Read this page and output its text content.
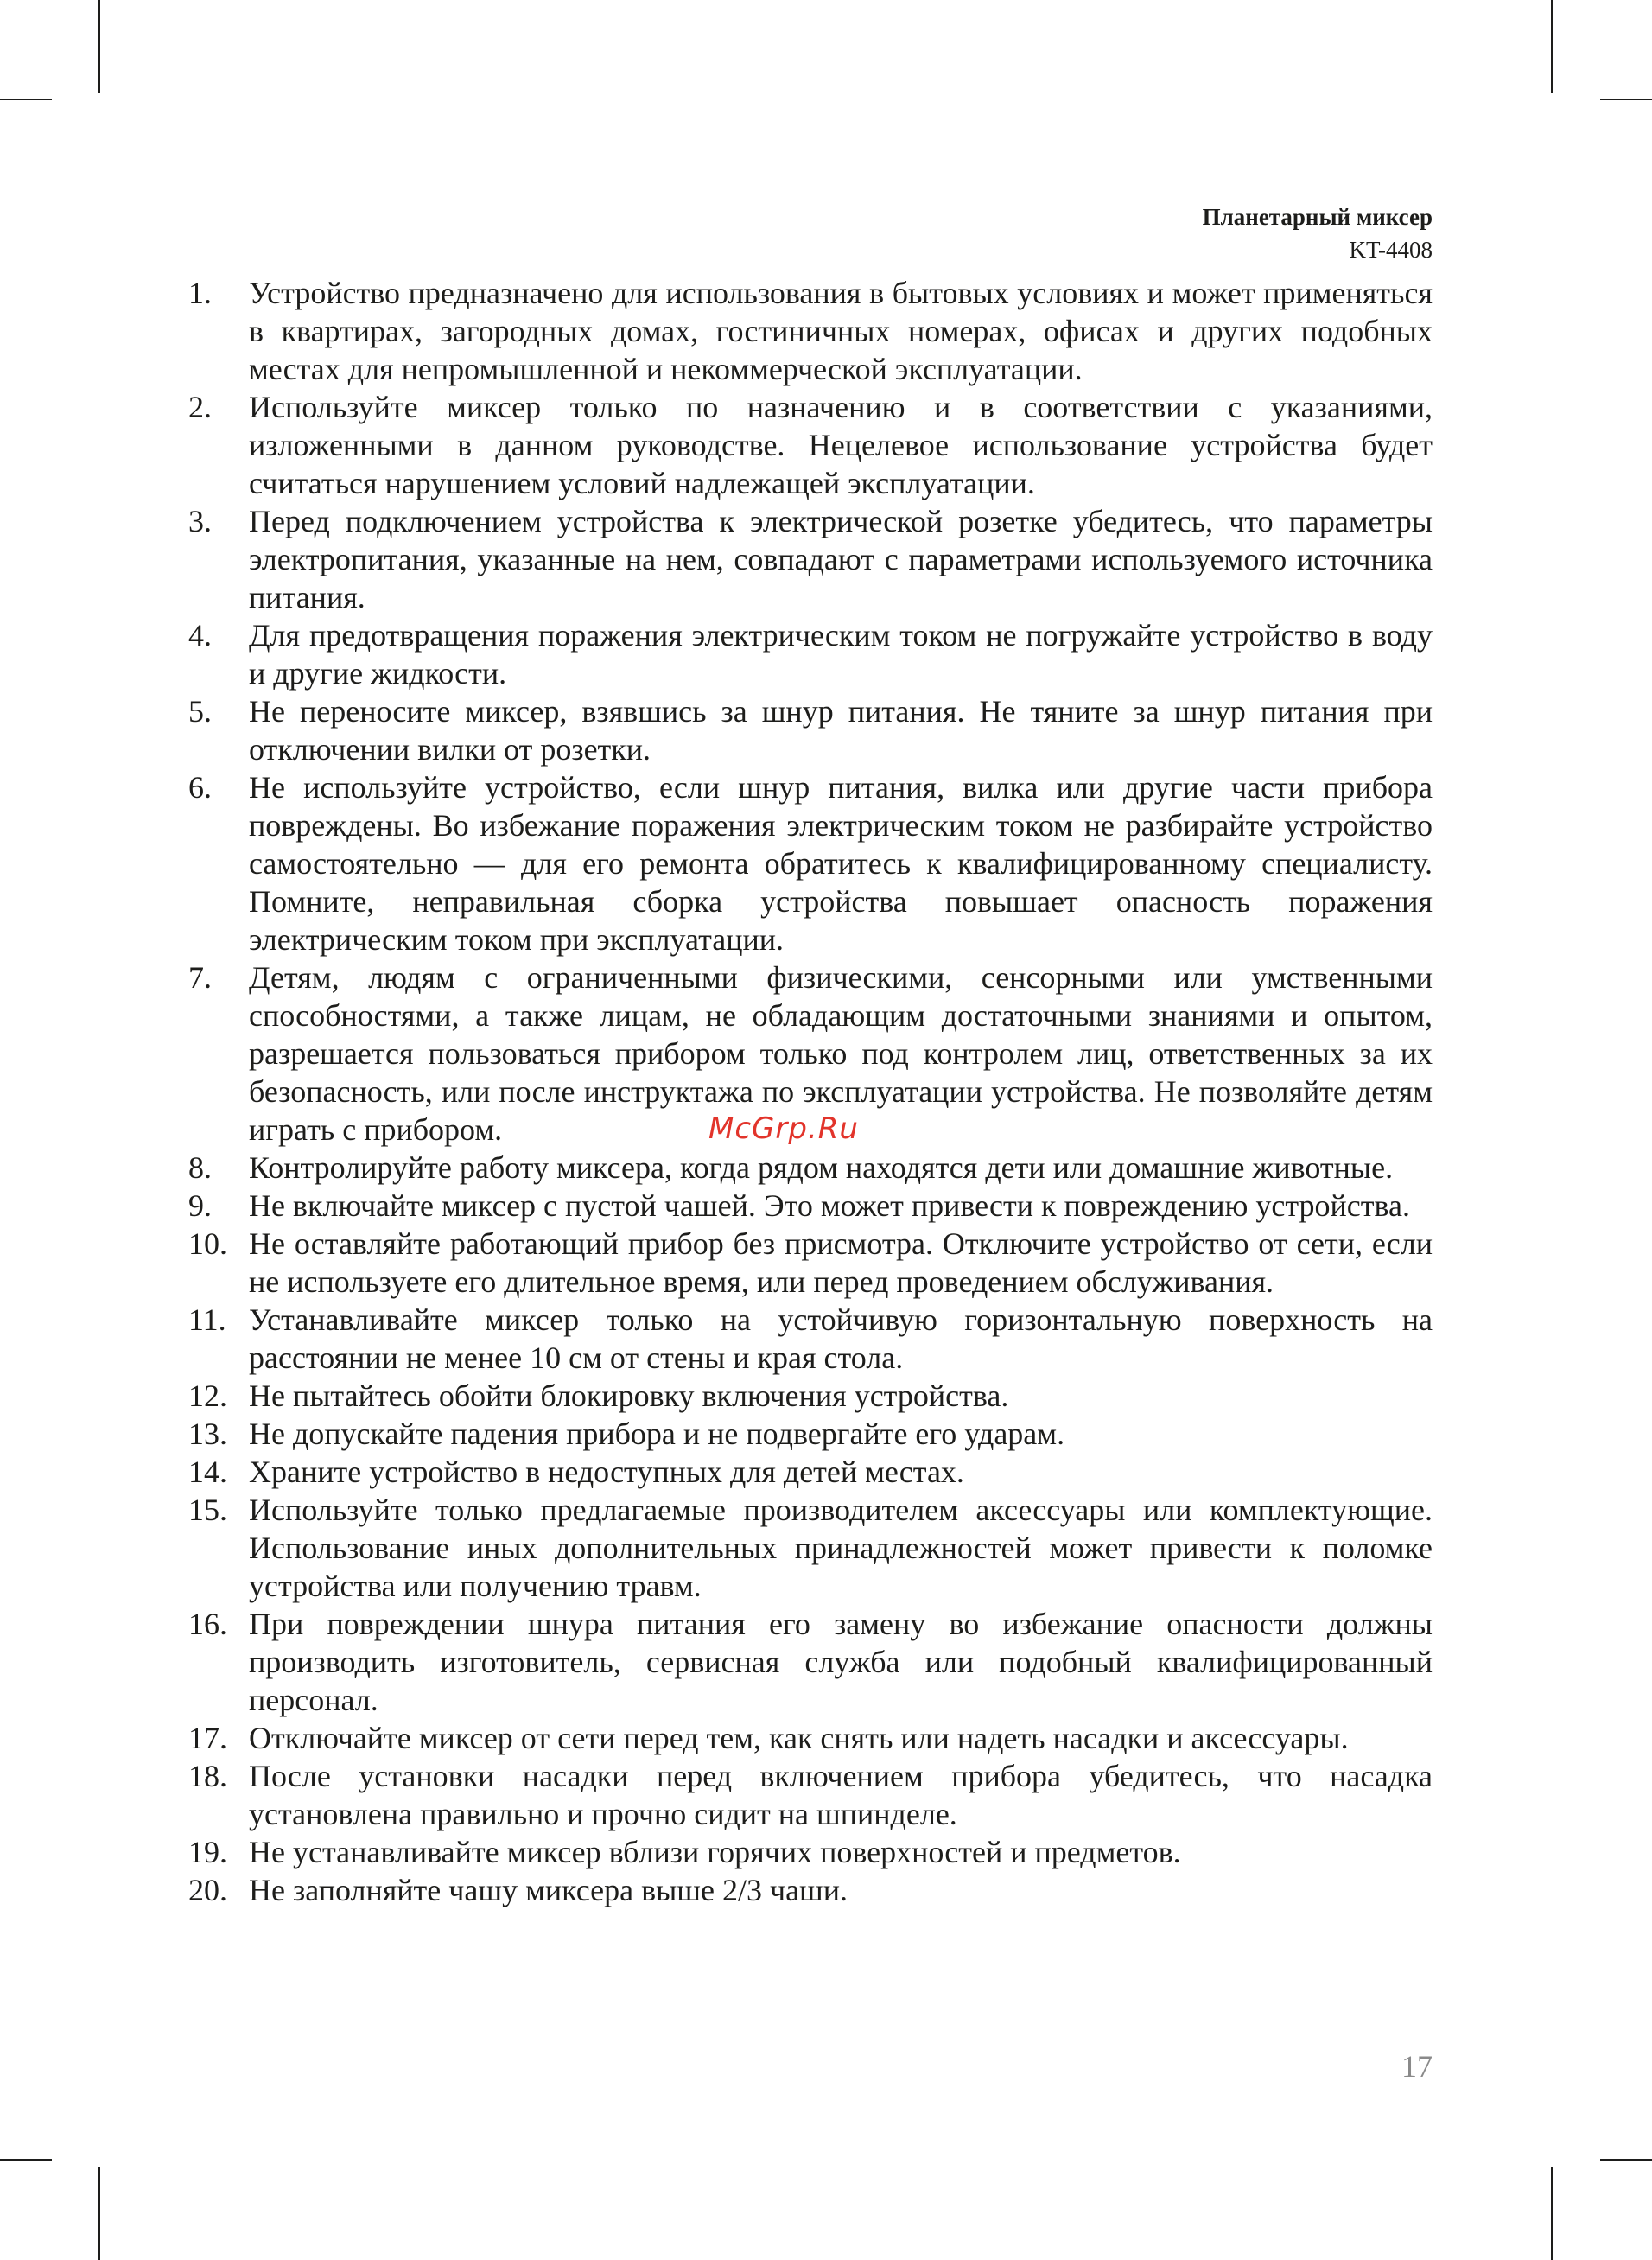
Планетарный миксер
KT-4408
1.	Устройство предназначено для использования в бытовых условиях и может применяться в квартирах, загородных домах, гостиничных номерах, офисах и других подобных местах для непромышленной и некоммерческой эксплуатации.
2.	Используйте миксер только по назначению и в соответствии с указаниями, изложенными в данном руководстве. Нецелевое использование устройства будет считаться нарушением условий надлежащей эксплуатации.
3.	Перед подключением устройства к электрической розетке убедитесь, что параметры электропитания, указанные на нем, совпадают с параметрами используемого источника питания.
4.	Для предотвращения поражения электрическим током не погружайте устройство в воду и другие жидкости.
5.	Не переносите миксер, взявшись за шнур питания. Не тяните за шнур питания при отключении вилки от розетки.
6.	Не используйте устройство, если шнур питания, вилка или другие части прибора повреждены. Во избежание поражения электрическим током не разбирайте устройство самостоятельно — для его ремонта обратитесь к квалифицированному специалисту. Помните, неправильная сборка устройства повышает опасность поражения электрическим током при эксплуатации.
7.	Детям, людям с ограниченными физическими, сенсорными или умственными способностями, а также лицам, не обладающим достаточными знаниями и опытом, разрешается пользоваться прибором только под контролем лиц, ответственных за их безопасность, или после инструктажа по эксплуатации устройства. Не позволяйте детям играть с прибором.
8.	Контролируйте работу миксера, когда рядом находятся дети или домашние животные.
9.	Не включайте миксер с пустой чашей. Это может привести к повреждению устройства.
10. Не оставляйте работающий прибор без присмотра. Отключите устройство от сети, если не используете его длительное время, или перед проведением обслуживания.
11. Устанавливайте миксер только на устойчивую горизонтальную поверхность на расстоянии не менее 10 см от стены и края стола.
12. Не пытайтесь обойти блокировку включения устройства.
13. Не допускайте падения прибора и не подвергайте его ударам.
14. Храните устройство в недоступных для детей местах.
15. Используйте только предлагаемые производителем аксессуары или комплектующие. Использование иных дополнительных принадлежностей может привести к поломке устройства или получению травм.
16. При повреждении шнура питания его замену во избежание опасности должны производить изготовитель, сервисная служба или подобный квалифицированный персонал.
17. Отключайте миксер от сети перед тем, как снять или надеть насадки и аксессуары.
18. После установки насадки перед включением прибора убедитесь, что насадка установлена правильно и прочно сидит на шпинделе.
19. Не устанавливайте миксер вблизи горячих поверхностей и предметов.
20. Не заполняйте чашу миксера выше 2/3 чаши.
McGrp.Ru
17
